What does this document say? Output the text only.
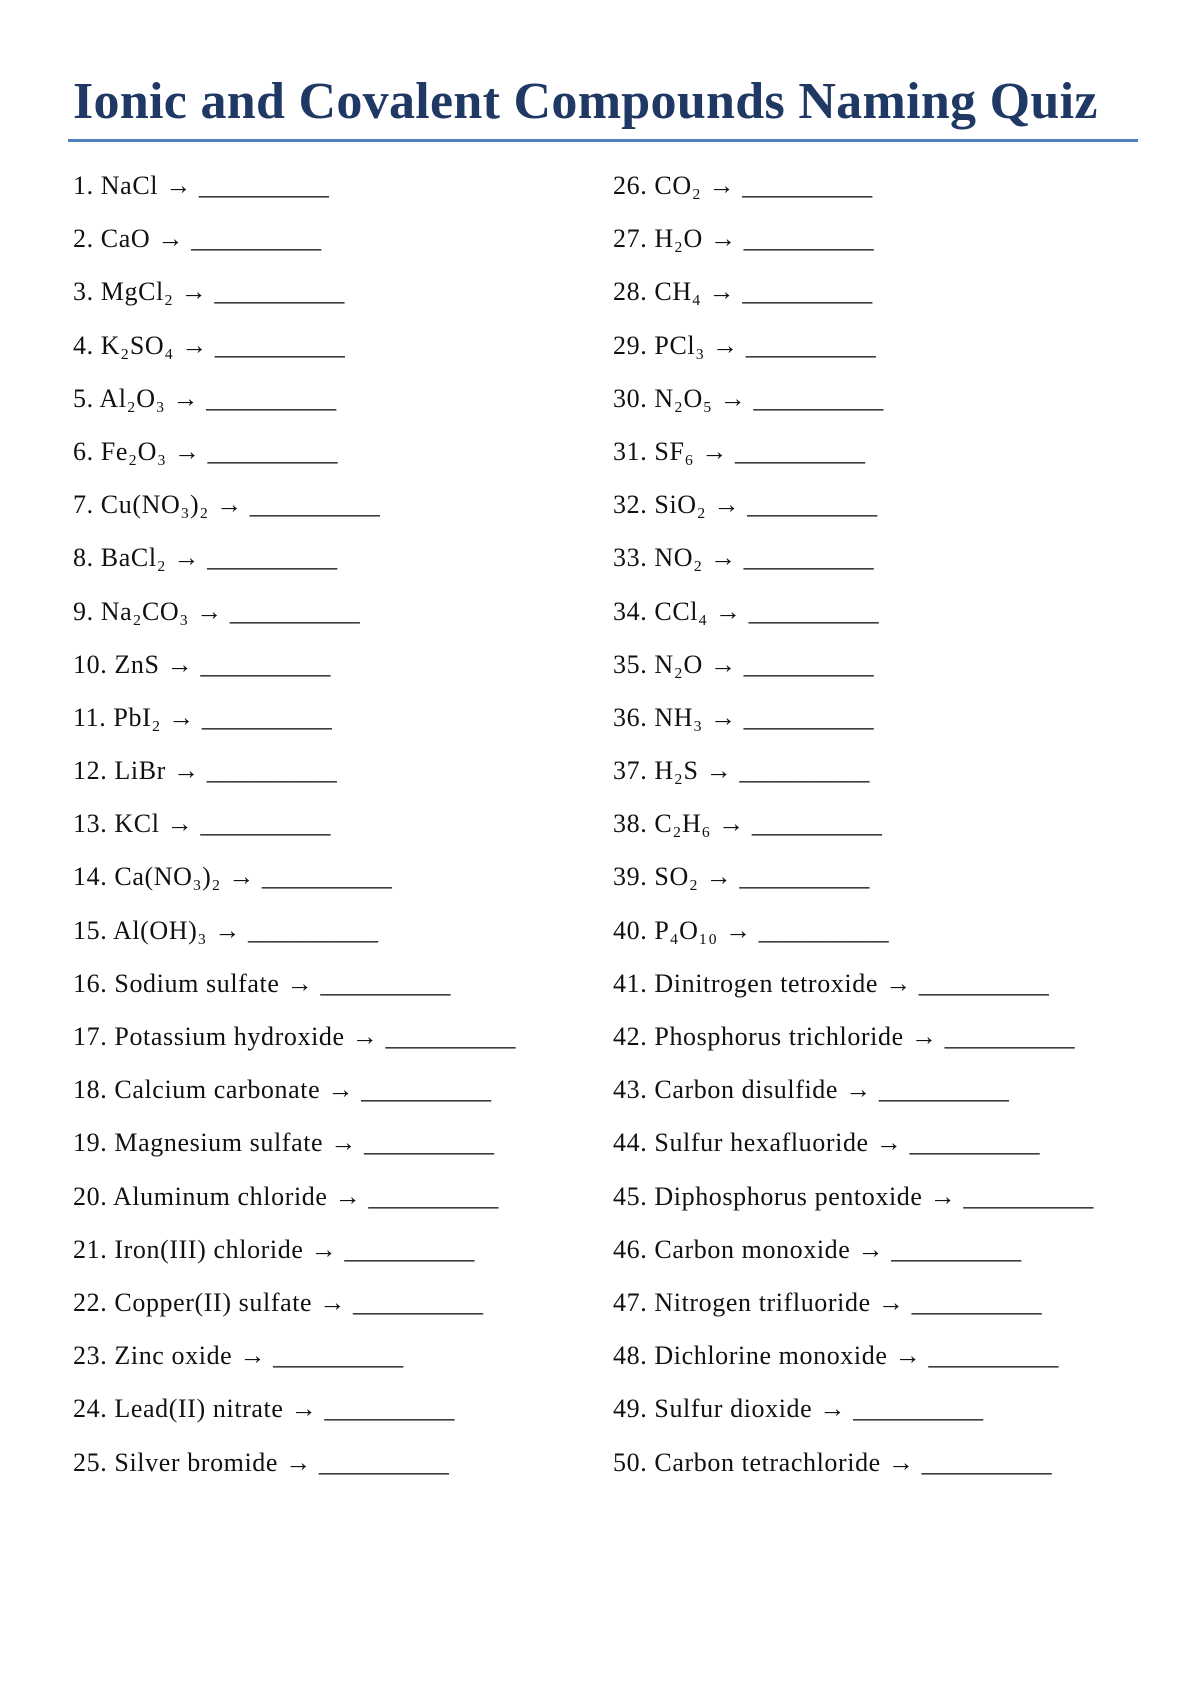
Ionic and Covalent Compounds Naming Quiz
1. NaCl → __________
2. CaO → __________
3. MgCl₂ → __________
4. K₂SO₄ → __________
5. Al₂O₃ → __________
6. Fe₂O₃ → __________
7. Cu(NO₃)₂ → __________
8. BaCl₂ → __________
9. Na₂CO₃ → __________
10. ZnS → __________
11. PbI₂ → __________
12. LiBr → __________
13. KCl → __________
14. Ca(NO₃)₂ → __________
15. Al(OH)₃ → __________
16. Sodium sulfate → __________
17. Potassium hydroxide → __________
18. Calcium carbonate → __________
19. Magnesium sulfate → __________
20. Aluminum chloride → __________
21. Iron(III) chloride → __________
22. Copper(II) sulfate → __________
23. Zinc oxide → __________
24. Lead(II) nitrate → __________
25. Silver bromide → __________
26. CO₂ → __________
27. H₂O → __________
28. CH₄ → __________
29. PCl₃ → __________
30. N₂O₅ → __________
31. SF₆ → __________
32. SiO₂ → __________
33. NO₂ → __________
34. CCl₄ → __________
35. N₂O → __________
36. NH₃ → __________
37. H₂S → __________
38. C₂H₆ → __________
39. SO₂ → __________
40. P₄O₁₀ → __________
41. Dinitrogen tetroxide → __________
42. Phosphorus trichloride → __________
43. Carbon disulfide → __________
44. Sulfur hexafluoride → __________
45. Diphosphorus pentoxide → __________
46. Carbon monoxide → __________
47. Nitrogen trifluoride → __________
48. Dichlorine monoxide → __________
49. Sulfur dioxide → __________
50. Carbon tetrachloride → __________
